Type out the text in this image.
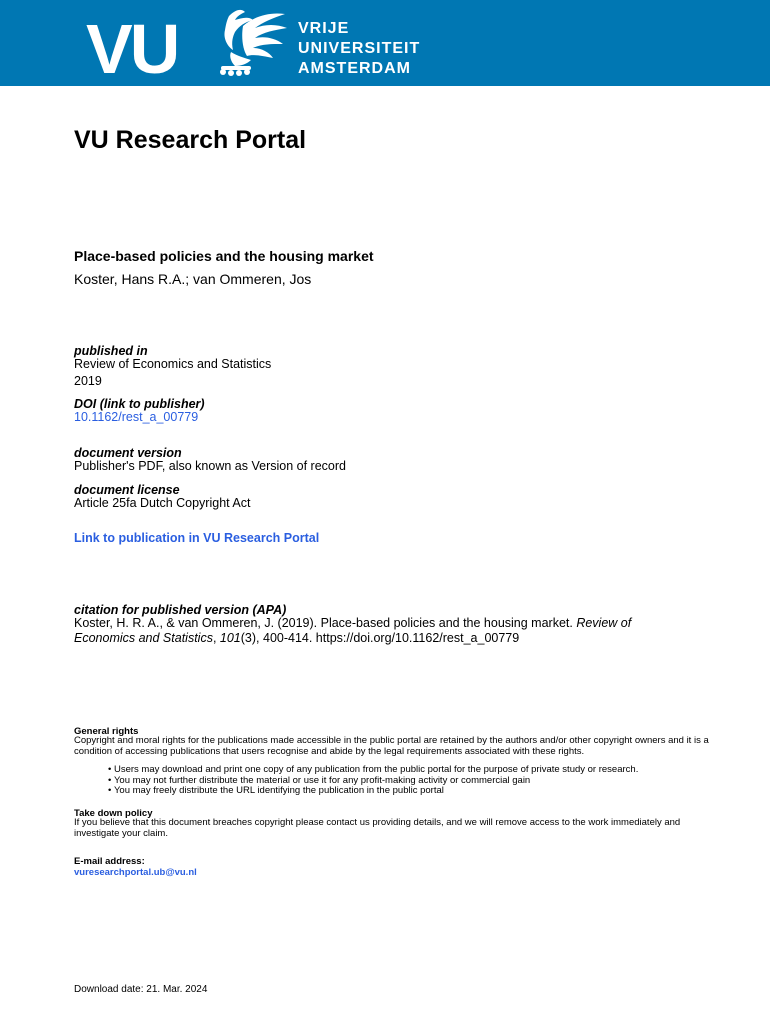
VU	VRIJE
UNIVERSITEIT
AMSTERDAM
VU Research Portal
Place-based policies and the housing market
Koster, Hans R.A.; van Ommeren, Jos
published in
Review of Economics and Statistics
2019
DOI (link to publisher)
10.1162/rest_a_00779
document version
Publisher's PDF, also known as Version of record
document license
Article 25fa Dutch Copyright Act
Link to publication in VU Research Portal
citation for published version (APA)
Koster, H. R. A., & van Ommeren, J. (2019). Place-based policies and the housing market. Review of Economics and Statistics, 101(3), 400-414. https://doi.org/10.1162/rest_a_00779
General rights
Copyright and moral rights for the publications made accessible in the public portal are retained by the authors and/or other copyright owners and it is a condition of accessing publications that users recognise and abide by the legal requirements associated with these rights.
• Users may download and print one copy of any publication from the public portal for the purpose of private study or research.
• You may not further distribute the material or use it for any profit-making activity or commercial gain
• You may freely distribute the URL identifying the publication in the public portal
Take down policy
If you believe that this document breaches copyright please contact us providing details, and we will remove access to the work immediately and investigate your claim.
E-mail address:
vuresearchportal.ub@vu.nl
Download date: 21. Mar. 2024
